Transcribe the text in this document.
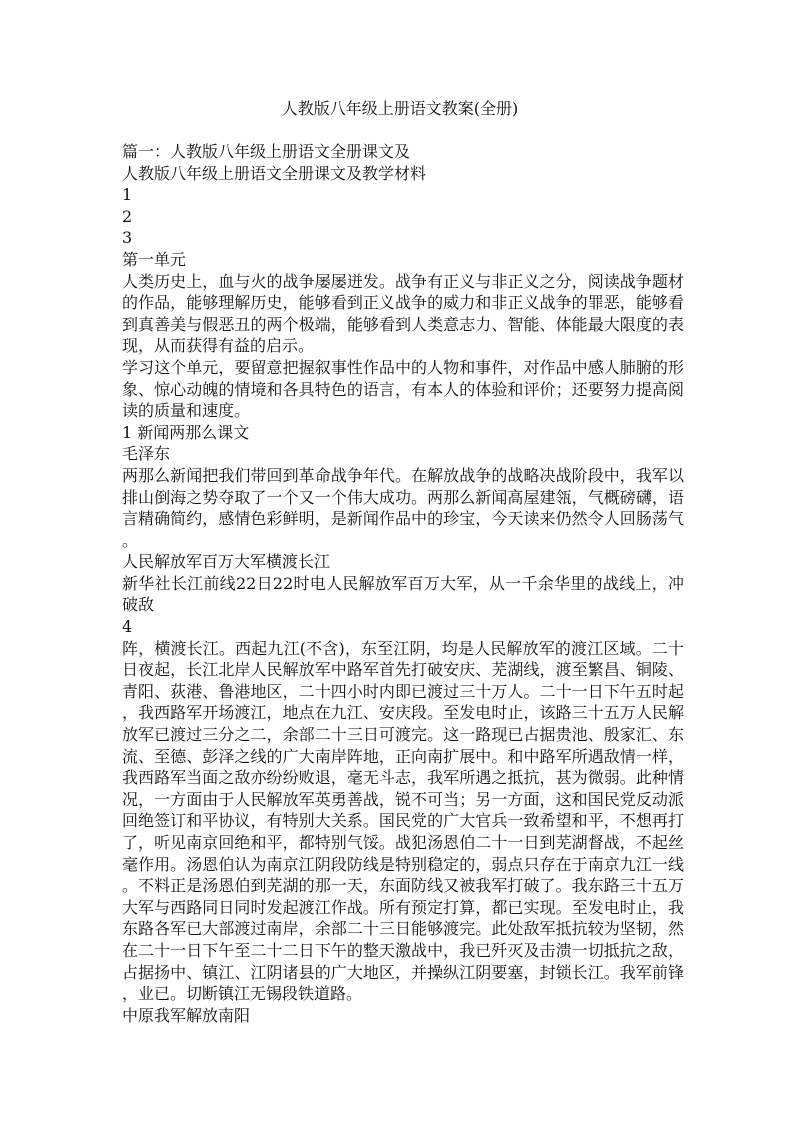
人教版八年级上册语文教案(全册)
篇一：人教版八年级上册语文全册课文及
人教版八年级上册语文全册课文及教学材料
1
2
3
第一单元

人类历史上，血与火的战争屡屡迸发。战争有正义与非正义之分，阅读战争题材的作品，能够理解历史，能够看到正义战争的威力和非正义战争的罪恶，能够看到真善美与假恶丑的两个极端，能够看到人类意志力、智能、体能最大限度的表现，从而获得有益的启示。

学习这个单元，要留意把握叙事性作品中的人物和事件，对作品中感人肺腑的形象、惊心动魄的情境和各具特色的语言，有本人的体验和评价；还要努力提高阅读的质量和速度。

1 新闻两那么课文
毛泽东

两那么新闻把我们带回到革命战争年代。在解放战争的战略决战阶段中，我军以排山倒海之势夺取了一个又一个伟大成功。两那么新闻高屋建瓴，气概磅礴，语言精确简约，感情色彩鲜明，是新闻作品中的珍宝，今天读来仍然令人回肠荡气。

人民解放军百万大军横渡长江

新华社长江前线22日22时电人民解放军百万大军，从一千余华里的战线上，冲破敌

4

阵，横渡长江。西起九江(不含)，东至江阴，均是人民解放军的渡江区域。二十日夜起，长江北岸人民解放军中路军首先打破安庆、芜湖线，渡至繁昌、铜陵、青阳、荻港、鲁港地区，二十四小时内即已渡过三十万人。二十一日下午五时起，我西路军开场渡江，地点在九江、安庆段。至发电时止，该路三十五万人民解放军已渡过三分之二，余部二十三日可渡完。这一路现已占据贵池、殷家汇、东流、至德、彭泽之线的广大南岸阵地，正向南扩展中。和中路军所遇敌情一样，我西路军当面之敌亦纷纷败退，毫无斗志，我军所遇之抵抗，甚为微弱。此种情况，一方面由于人民解放军英勇善战，锐不可当；另一方面，这和国民党反动派回绝签订和平协议，有特别大关系。国民党的广大官兵一致希望和平，不想再打了，听见南京回绝和平，都特别气馁。战犯汤恩伯二十一日到芜湖督战，不起丝毫作用。汤恩伯认为南京江阴段防线是特别稳定的，弱点只存在于南京九江一线。不料正是汤恩伯到芜湖的那一天，东面防线又被我军打破了。我东路三十五万大军与西路同日同时发起渡江作战。所有预定打算，都已实现。至发电时止，我东路各军已大部渡过南岸，余部二十三日能够渡完。此处敌军抵抗较为坚韧，然在二十一日下午至二十二日下午的整天激战中，我已歼灭及击溃一切抵抗之敌，占据扬中、镇江、江阴诸县的广大地区，并操纵江阴要塞，封锁长江。我军前锋，业已。切断镇江无锡段铁道路。

中原我军解放南阳
